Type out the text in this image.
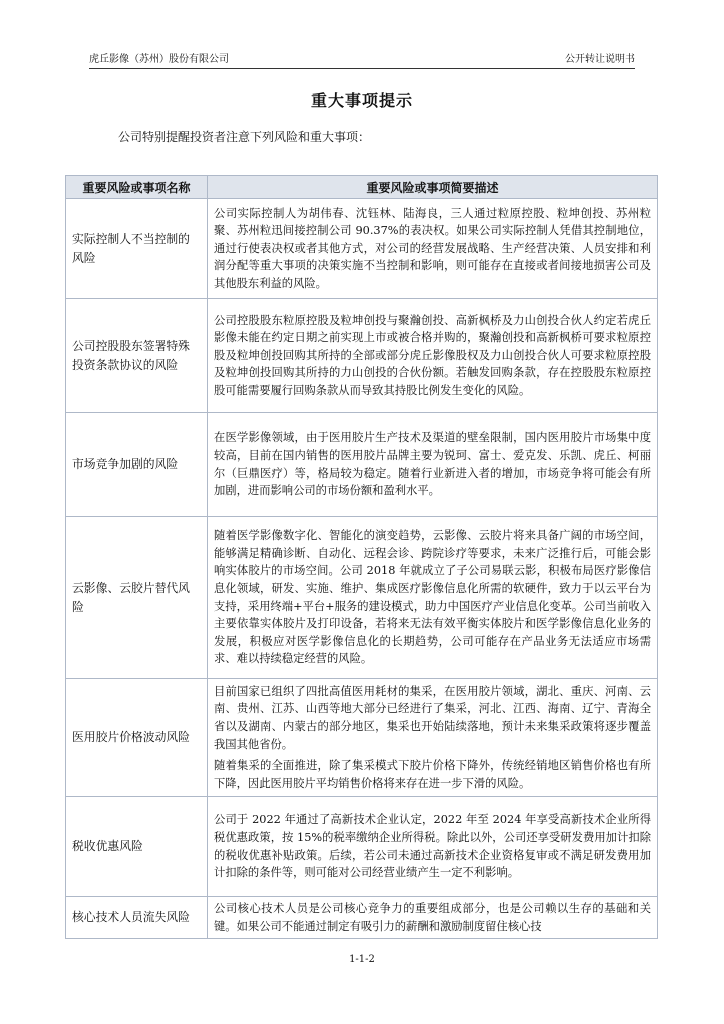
虎丘影像（苏州）股份有限公司	公开转让说明书
重大事项提示
公司特别提醒投资者注意下列风险和重大事项：
重要风险或事项名称	重要风险或事项简要描述
实际控制人不当控制的风险	公司实际控制人为胡伟春、沈钰林、陆海良，三人通过粒原控股、粒坤创投、苏州粒聚、苏州粒迅间接控制公司 90.37%的表决权。如果公司实际控制人凭借其控制地位，通过行使表决权或者其他方式，对公司的经营发展战略、生产经营决策、人员安排和利润分配等重大事项的决策实施不当控制和影响，则可能存在直接或者间接地损害公司及其他股东利益的风险。

公司控股股东签署特殊投资条款协议的风险	公司控股股东粒原控股及粒坤创投与聚瀚创投、高新枫桥及力山创投合伙人约定若虎丘影像未能在约定日期之前实现上市或被合格并购的，聚瀚创投和高新枫桥可要求粒原控股及粒坤创投回购其所持的全部或部分虎丘影像股权及力山创投合伙人可要求粒原控股及粒坤创投回购其所持的力山创投的合伙份额。若触发回购条款，存在控股股东粒原控股可能需要履行回购条款从而导致其持股比例发生变化的风险。

市场竞争加剧的风险	在医学影像领域，由于医用胶片生产技术及渠道的壁垒限制，国内医用胶片市场集中度较高，目前在国内销售的医用胶片品牌主要为锐珂、富士、爱克发、乐凯、虎丘、柯丽尔（巨鼎医疗）等，格局较为稳定。随着行业新进入者的增加，市场竞争将可能会有所加剧，进而影响公司的市场份额和盈利水平。

云影像、云胶片替代风险	随着医学影像数字化、智能化的演变趋势，云影像、云胶片将来具备广阔的市场空间，能够满足精确诊断、自动化、远程会诊、跨院诊疗等要求，未来广泛推行后，可能会影响实体胶片的市场空间。公司 2018 年就成立了子公司易联云影，积极布局医疗影像信息化领域，研发、实施、维护、集成医疗影像信息化所需的软硬件，致力于以云平台为支持，采用终端+平台+服务的建设模式，助力中国医疗产业信息化变革。公司当前收入主要依靠实体胶片及打印设备，若将来无法有效平衡实体胶片和医学影像信息化业务的发展，积极应对医学影像信息化的长期趋势，公司可能存在产品业务无法适应市场需求、难以持续稳定经营的风险。

医用胶片价格波动风险	目前国家已组织了四批高值医用耗材的集采，在医用胶片领域，湖北、重庆、河南、云南、贵州、江苏、山西等地大部分已经进行了集采，河北、江西、海南、辽宁、青海全省以及湖南、内蒙古的部分地区，集采也开始陆续落地，预计未来集采政策将逐步覆盖我国其他省份。

随着集采的全面推进，除了集采模式下胶片价格下降外，传统经销地区销售价格也有所下降，因此医用胶片平均销售价格将来存在进一步下滑的风险。

税收优惠风险	公司于 2022 年通过了高新技术企业认定，2022 年至 2024 年享受高新技术企业所得税优惠政策，按 15%的税率缴纳企业所得税。除此以外，公司还享受研发费用加计扣除的税收优惠补贴政策。后续，若公司未通过高新技术企业资格复审或不满足研发费用加计扣除的条件等，则可能对公司经营业绩产生一定不利影响。

核心技术人员流失风险	公司核心技术人员是公司核心竞争力的重要组成部分，也是公司赖以生存的基础和关键。如果公司不能通过制定有吸引力的薪酬和激励制度留住核心技

1-1-2
